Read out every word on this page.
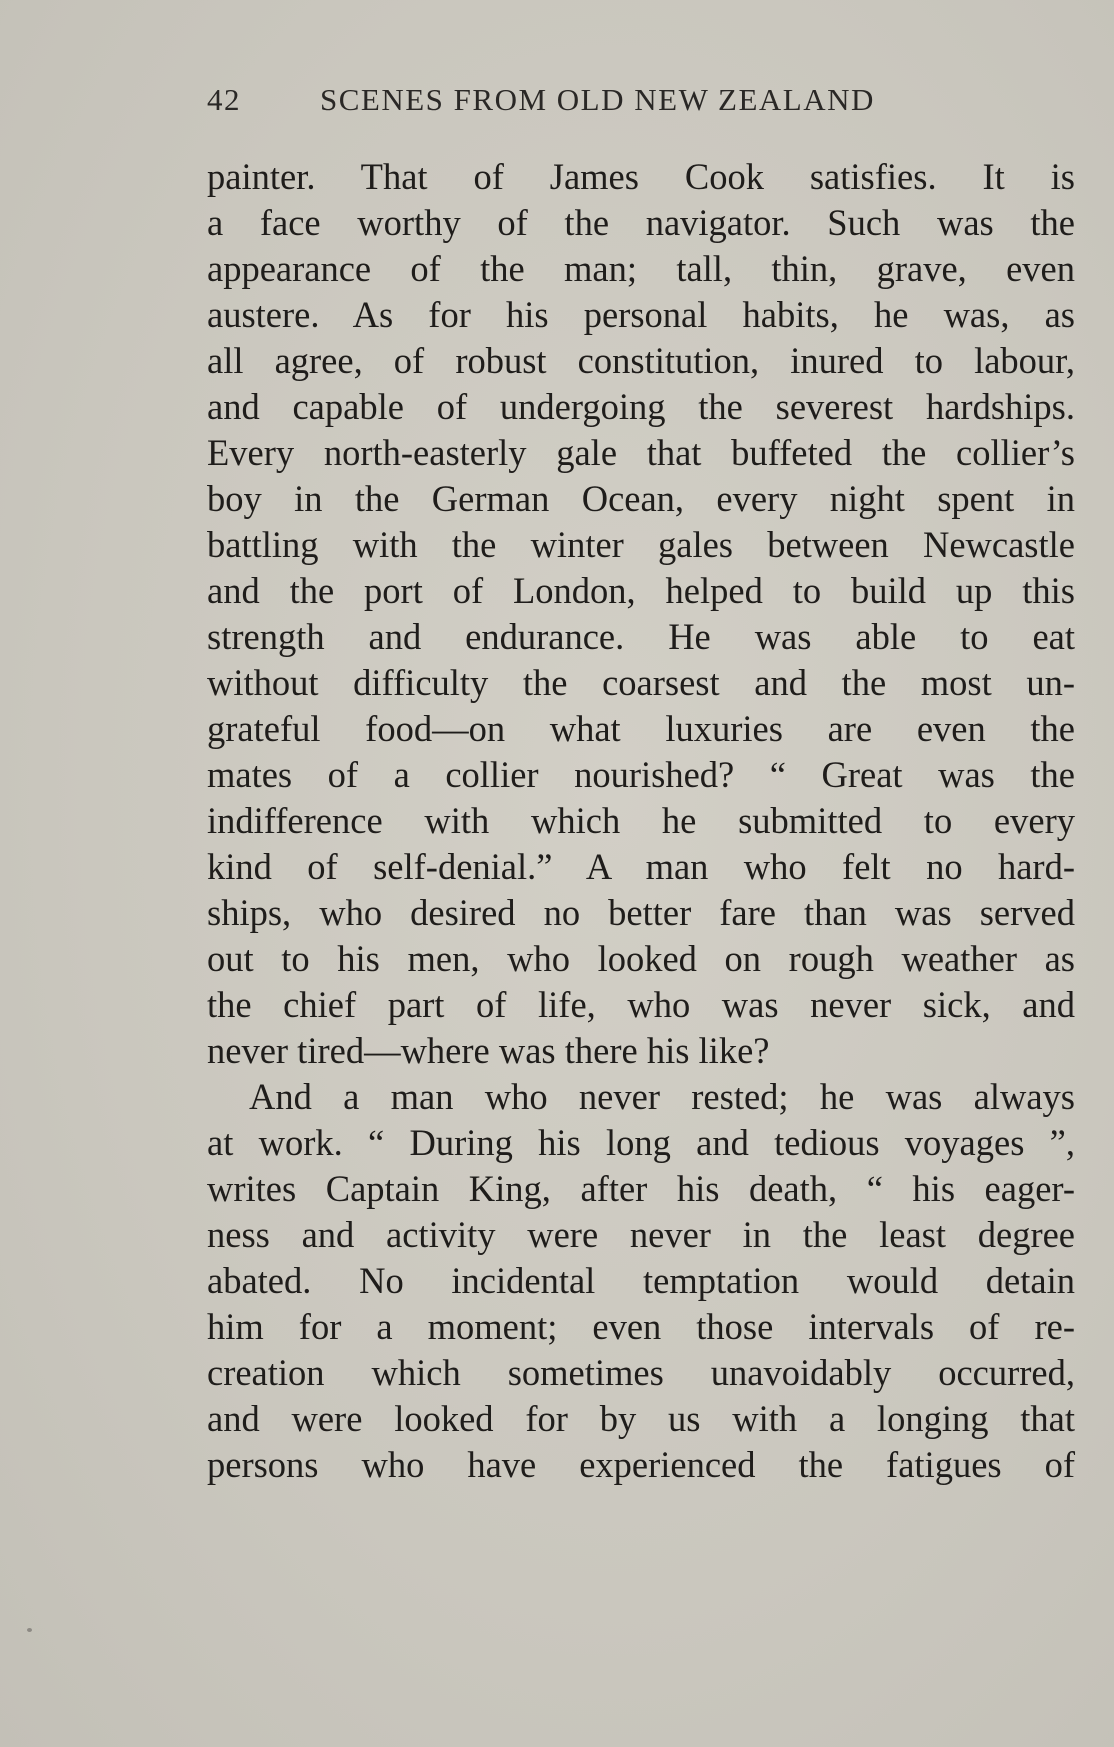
42	SCENES FROM OLD NEW ZEALAND
painter. That of James Cook satisfies. It is
a face worthy of the navigator. Such was the
appearance of the man; tall, thin, grave, even
austere. As for his personal habits, he was, as
all agree, of robust constitution, inured to labour,
and capable of undergoing the severest hardships.
Every north-easterly gale that buffeted the collier’s
boy in the German Ocean, every night spent in
battling with the winter gales between Newcastle
and the port of London, helped to build up this
strength and endurance. He was able to eat
without difficulty the coarsest and the most un-
grateful food—on what luxuries are even the
mates of a collier nourished? “ Great was the
indifference with which he submitted to every
kind of self-denial.” A man who felt no hard-
ships, who desired no better fare than was served
out to his men, who looked on rough weather as
the chief part of life, who was never sick, and
never tired—where was there his like?
And a man who never rested; he was always
at work. “ During his long and tedious voyages ”,
writes Captain King, after his death, “ his eager-
ness and activity were never in the least degree
abated. No incidental temptation would detain
him for a moment; even those intervals of re-
creation which sometimes unavoidably occurred,
and were looked for by us with a longing that
persons who have experienced the fatigues of
